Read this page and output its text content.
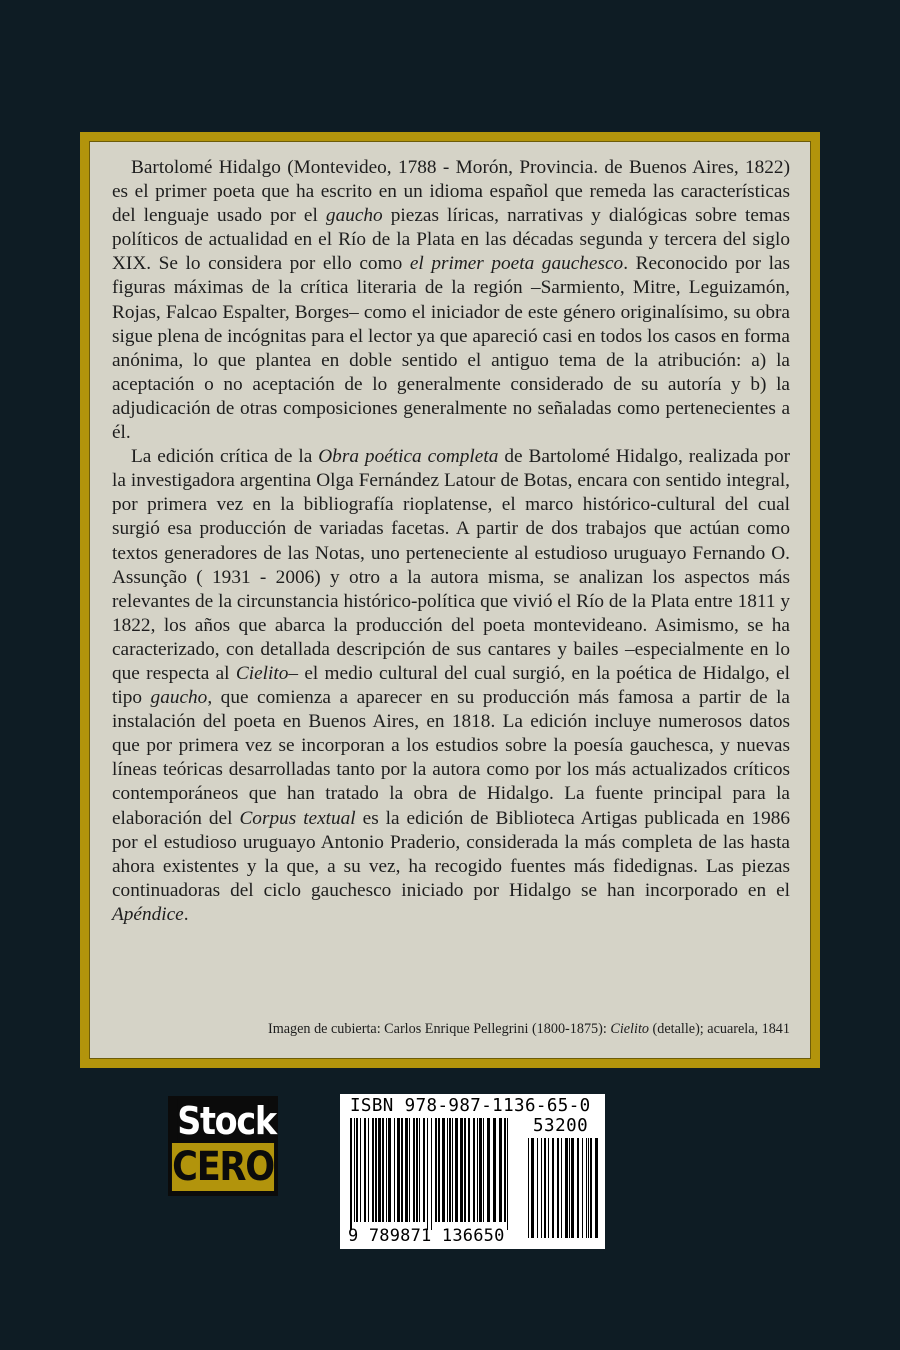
Bartolomé Hidalgo (Montevideo, 1788 - Morón, Provincia. de Buenos Aires, 1822) es el primer poeta que ha escrito en un idioma español que remeda las características del lenguaje usado por el gaucho piezas líricas, narrativas y dialógicas sobre temas políticos de actualidad en el Río de la Plata en las décadas segunda y tercera del siglo XIX. Se lo considera por ello como el primer poeta gauchesco. Reconocido por las figuras máximas de la crítica literaria de la región –Sarmiento, Mitre, Leguizamón, Rojas, Falcao Espalter, Borges– como el iniciador de este género originalísimo, su obra sigue plena de incógnitas para el lector ya que apareció casi en todos los casos en forma anónima, lo que plantea en doble sentido el antiguo tema de la atribución: a) la aceptación o no aceptación de lo generalmente considerado de su autoría y b) la adjudicación de otras composiciones generalmente no señaladas como pertenecientes a él.

La edición crítica de la Obra poética completa de Bartolomé Hidalgo, realizada por la investigadora argentina Olga Fernández Latour de Botas, encara con sentido integral, por primera vez en la bibliografía rioplatense, el marco histórico-cultural del cual surgió esa producción de variadas facetas. A partir de dos trabajos que actúan como textos generadores de las Notas, uno perteneciente al estudioso uruguayo Fernando O. Assunção ( 1931 - 2006) y otro a la autora misma, se analizan los aspectos más relevantes de la circunstancia histórico-política que vivió el Río de la Plata entre 1811 y 1822, los años que abarca la producción del poeta montevideano. Asimismo, se ha caracterizado, con detallada descripción de sus cantares y bailes –especialmente en lo que respecta al Cielito– el medio cultural del cual surgió, en la poética de Hidalgo, el tipo gaucho, que comienza a aparecer en su producción más famosa a partir de la instalación del poeta en Buenos Aires, en 1818. La edición incluye numerosos datos que por primera vez se incorporan a los estudios sobre la poesía gauchesca, y nuevas líneas teóricas desarrolladas tanto por la autora como por los más actualizados críticos contemporáneos que han tratado la obra de Hidalgo. La fuente principal para la elaboración del Corpus textual es la edición de Biblioteca Artigas publicada en 1986 por el estudioso uruguayo Antonio Praderio, considerada la más completa de las hasta ahora existentes y la que, a su vez, ha recogido fuentes más fidedignas. Las piezas continuadoras del ciclo gauchesco iniciado por Hidalgo se han incorporado en el Apéndice.

Imagen de cubierta: Carlos Enrique Pellegrini (1800-1875): Cielito (detalle); acuarela, 1841
Stock
CERO
ISBN 978-987-1136-65-0
53200
9 789871 136650
